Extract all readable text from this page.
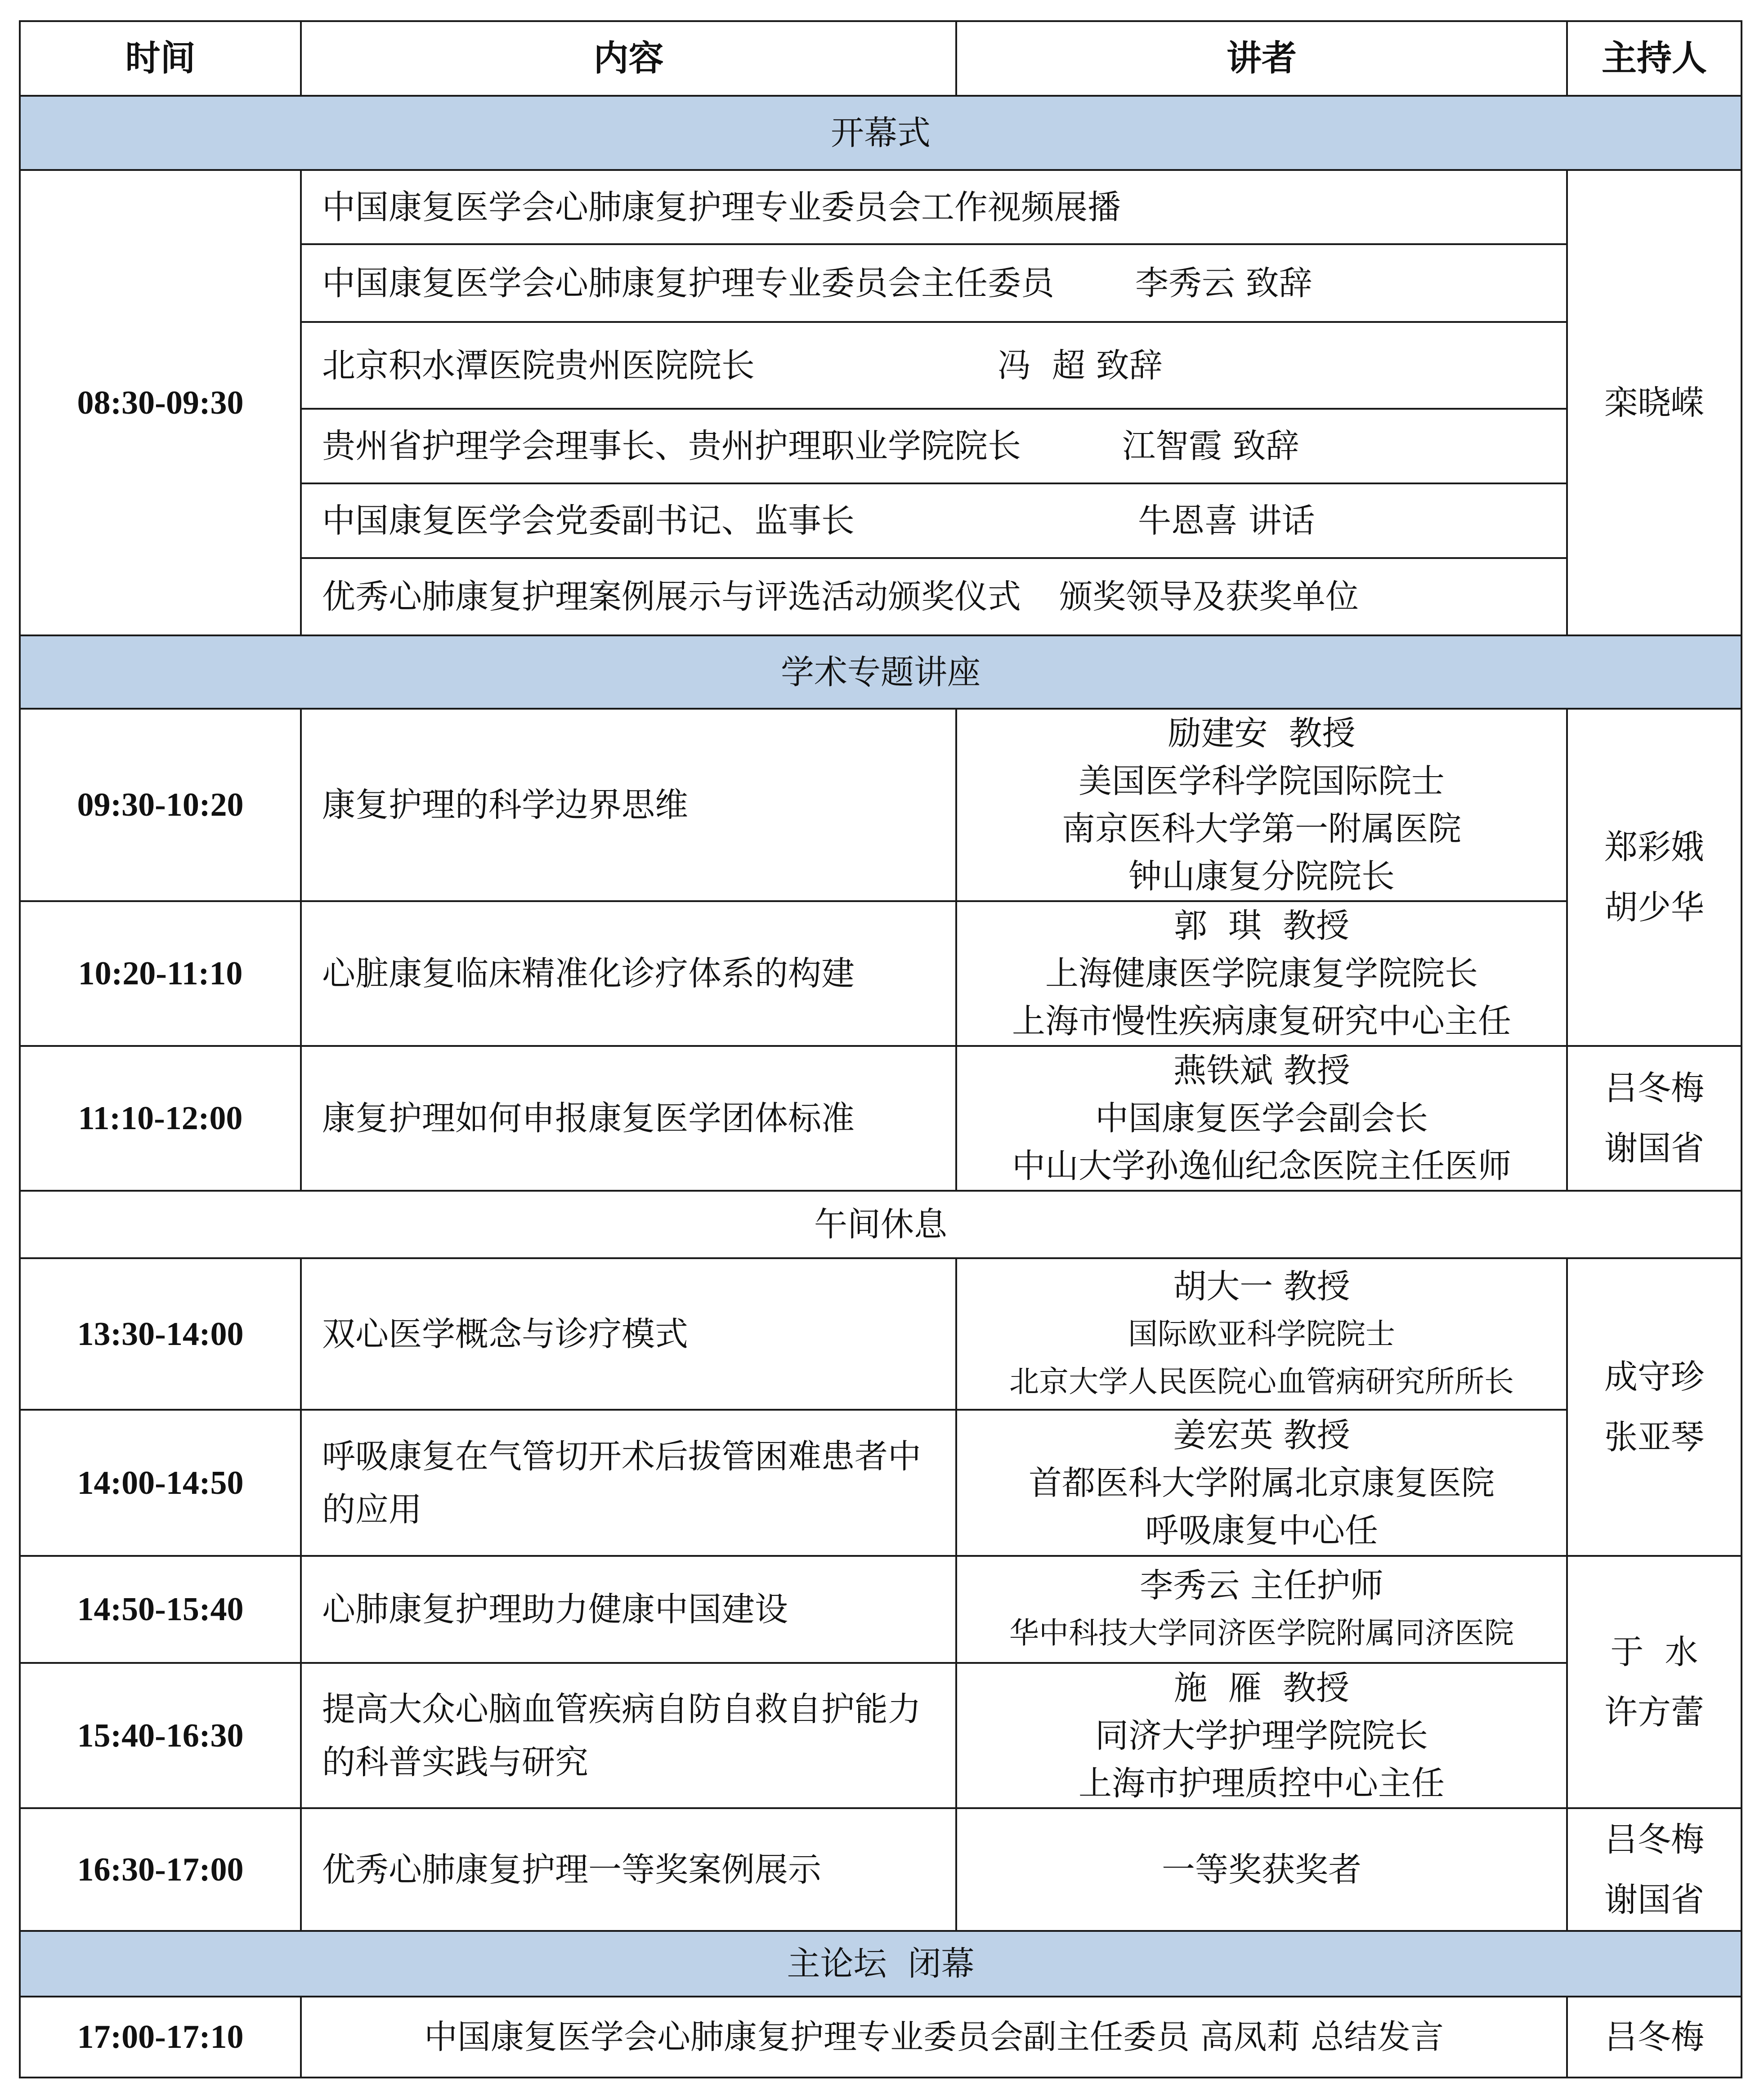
时间	内容	讲者	主持人
开幕式			
08:30-09:30	中国康复医学会心肺康复护理专业委员会工作视频展播		栾晓嵘
	中国康复医学会心肺康复护理专业委员会主任委员 李秀云 致辞		
	北京积水潭医院贵州医院院长 冯  超 致辞		
	贵州省护理学会理事长、贵州护理职业学院院长 江智霞 致辞		
	中国康复医学会党委副书记、监事长 牛恩喜 讲话		
	优秀心肺康复护理案例展示与评选活动颁奖仪式 颁奖领导及获奖单位		
学术专题讲座			
09:30-10:20	康复护理的科学边界思维	励建安  教授
美国医学科学院国际院士
南京医科大学第一附属医院
钟山康复分院院长	郑彩娥
胡少华

10:20-11:10	心脏康复临床精准化诊疗体系的构建	郭  琪  教授
上海健康医学院康复学院院长
上海市慢性疾病康复研究中心主任	

11:10-12:00	康复护理如何申报康复医学团体标准	燕铁斌 教授
中国康复医学会副会长
中山大学孙逸仙纪念医院主任医师	吕冬梅
谢国省

午间休息			
13:30-14:00	双心医学概念与诊疗模式	胡大一 教授
国际欧亚科学院院士
北京大学人民医院心血管病研究所所长	成守珍
张亚琴

14:00-14:50	呼吸康复在气管切开术后拔管困难患者中的应用	姜宏英 教授
首都医科大学附属北京康复医院
呼吸康复中心任	

14:50-15:40	心肺康复护理助力健康中国建设	李秀云 主任护师
华中科技大学同济医学院附属同济医院	于  水
许方蕾

15:40-16:30	提高大众心脑血管疾病自防自救自护能力的科普实践与研究	施  雁  教授
同济大学护理学院院长
上海市护理质控中心主任	

16:30-17:00	优秀心肺康复护理一等奖案例展示	一等奖获奖者	吕冬梅
谢国省

主论坛  闭幕			
17:00-17:10	中国康复医学会心肺康复护理专业委员会副主任委员 高凤莉 总结发言		吕冬梅
